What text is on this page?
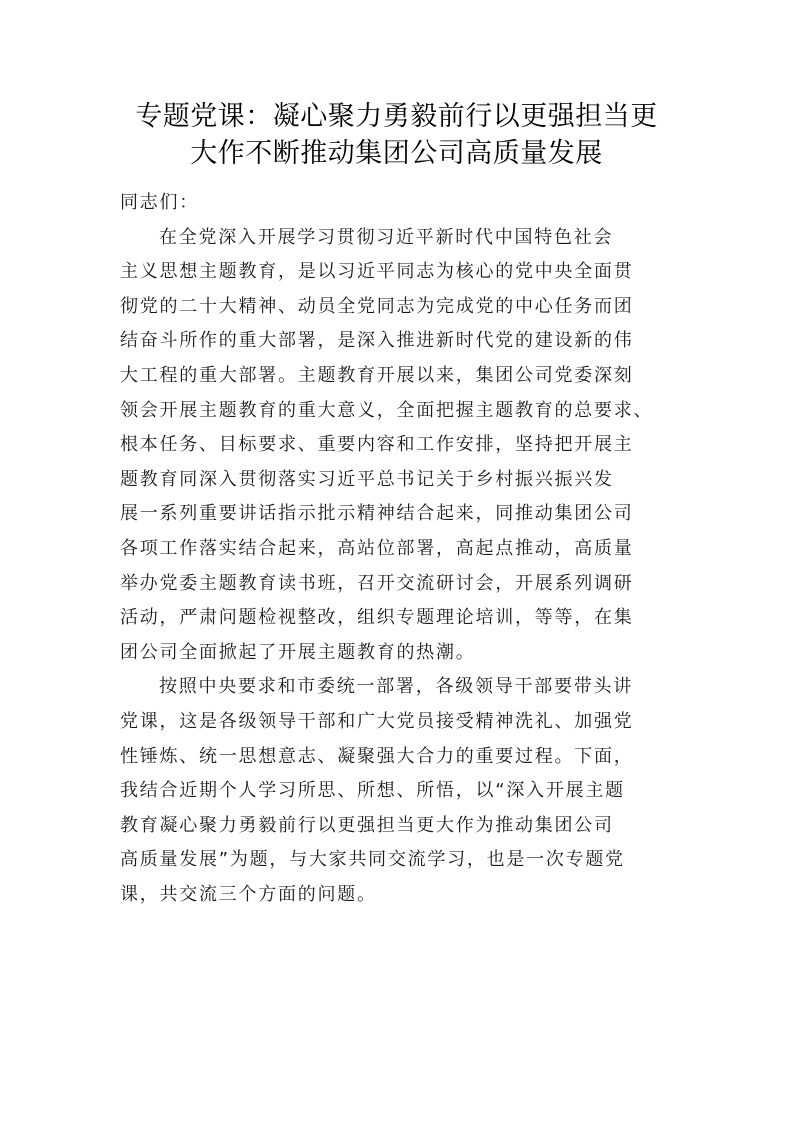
专题党课：凝心聚力勇毅前行以更强担当更
大作不断推动集团公司高质量发展
同志们：
在全党深入开展学习贯彻习近平新时代中国特色社会
主义思想主题教育，是以习近平同志为核心的党中央全面贯
彻党的二十大精神、动员全党同志为完成党的中心任务而团
结奋斗所作的重大部署，是深入推进新时代党的建设新的伟
大工程的重大部署。主题教育开展以来，集团公司党委深刻
领会开展主题教育的重大意义，全面把握主题教育的总要求、
根本任务、目标要求、重要内容和工作安排，坚持把开展主
题教育同深入贯彻落实习近平总书记关于乡村振兴振兴发
展一系列重要讲话指示批示精神结合起来，同推动集团公司
各项工作落实结合起来，高站位部署，高起点推动，高质量
举办党委主题教育读书班，召开交流研讨会，开展系列调研
活动，严肃问题检视整改，组织专题理论培训，等等，在集
团公司全面掀起了开展主题教育的热潮。
按照中央要求和市委统一部署，各级领导干部要带头讲
党课，这是各级领导干部和广大党员接受精神洗礼、加强党
性锤炼、统一思想意志、凝聚强大合力的重要过程。下面，
我结合近期个人学习所思、所想、所悟，以“深入开展主题
教育凝心聚力勇毅前行以更强担当更大作为推动集团公司
高质量发展”为题，与大家共同交流学习，也是一次专题党
课，共交流三个方面的问题。
